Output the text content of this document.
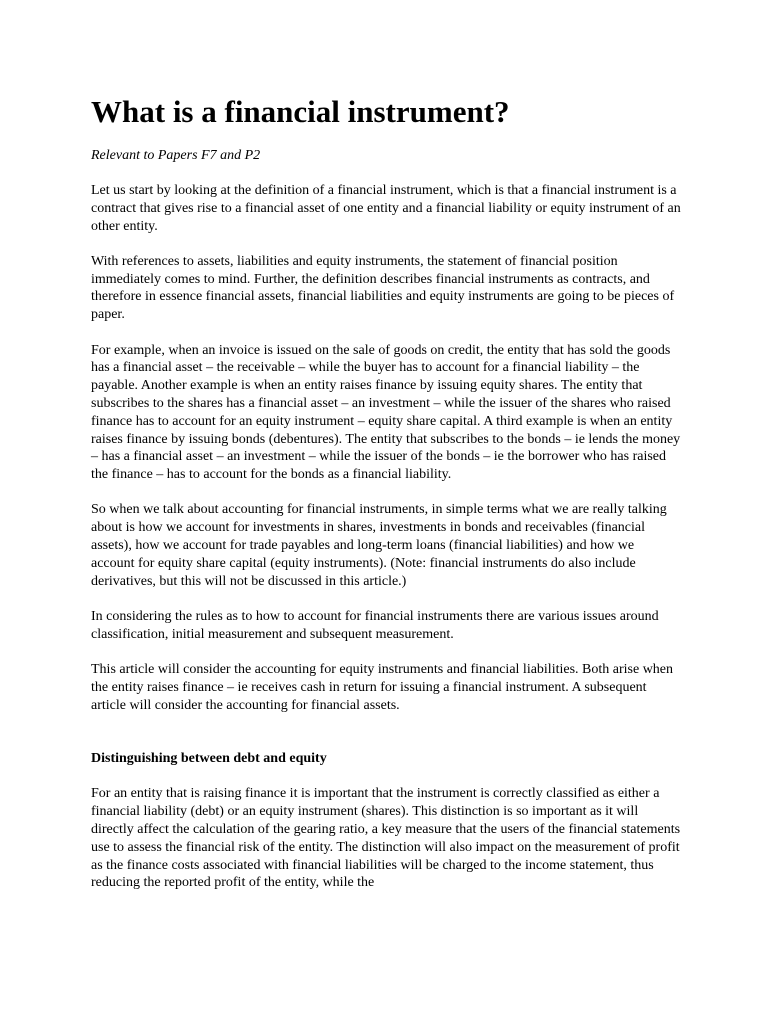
What is a financial instrument?
Relevant to Papers F7 and P2

Let us start by looking at the definition of a financial instrument, which is that a financial instrument is a contract that gives rise to a financial asset of one entity and a financial liability or equity instrument of an other entity.

With references to assets, liabilities and equity instruments, the statement of financial position immediately comes to mind. Further, the definition describes financial instruments as contracts, and therefore in essence financial assets, financial liabilities and equity instruments are going to be pieces of paper.

For example, when an invoice is issued on the sale of goods on credit, the entity that has sold the goods has a financial asset – the receivable – while the buyer has to account for a financial liability – the payable. Another example is when an entity raises finance by issuing equity shares. The entity that subscribes to the shares has a financial asset – an investment – while the issuer of the shares who raised finance has to account for an equity instrument – equity share capital. A third example is when an entity raises finance by issuing bonds (debentures). The entity that subscribes to the bonds – ie lends the money – has a financial asset – an investment – while the issuer of the bonds – ie the borrower who has raised the finance – has to account for the bonds as a financial liability.

So when we talk about accounting for financial instruments, in simple terms what we are really talking about is how we account for investments in shares, investments in bonds and receivables (financial assets), how we account for trade payables and long-term loans (financial liabilities) and how we account for equity share capital (equity instruments). (Note: financial instruments do also include derivatives, but this will not be discussed in this article.)

In considering the rules as to how to account for financial instruments there are various issues around classification, initial measurement and subsequent measurement.

This article will consider the accounting for equity instruments and financial liabilities. Both arise when the entity raises finance – ie receives cash in return for issuing a financial instrument. A subsequent article will consider the accounting for financial assets.

Distinguishing between debt and equity

For an entity that is raising finance it is important that the instrument is correctly classified as either a financial liability (debt) or an equity instrument (shares). This distinction is so important as it will directly affect the calculation of the gearing ratio, a key measure that the users of the financial statements use to assess the financial risk of the entity. The distinction will also impact on the measurement of profit as the finance costs associated with financial liabilities will be charged to the income statement, thus reducing the reported profit of the entity, while the
